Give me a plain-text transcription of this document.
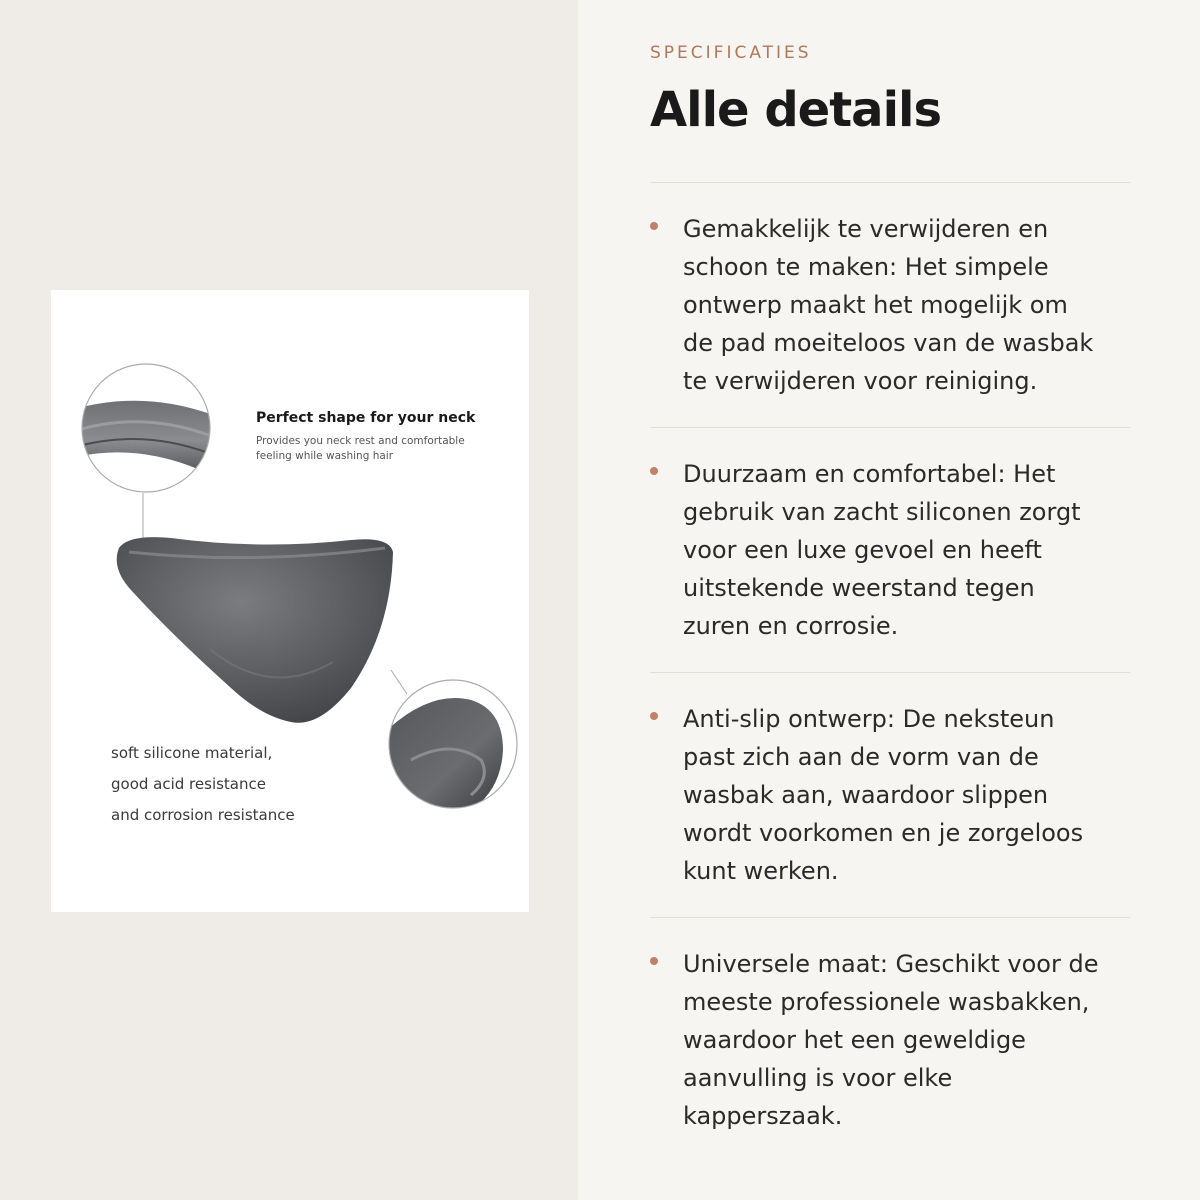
Perfect shape for your neck
Provides you neck rest and comfortable
feeling while washing hair
soft silicone material,
good acid resistance
and corrosion resistance
SPECIFICATIES
Alle details
Gemakkelijk te verwijderen en
schoon te maken: Het simpele
ontwerp maakt het mogelijk om
de pad moeiteloos van de wasbak
te verwijderen voor reiniging.
Duurzaam en comfortabel: Het
gebruik van zacht siliconen zorgt
voor een luxe gevoel en heeft
uitstekende weerstand tegen
zuren en corrosie.
Anti-slip ontwerp: De neksteun
past zich aan de vorm van de
wasbak aan, waardoor slippen
wordt voorkomen en je zorgeloos
kunt werken.
Universele maat: Geschikt voor de
meeste professionele wasbakken,
waardoor het een geweldige
aanvulling is voor elke
kapperszaak.
